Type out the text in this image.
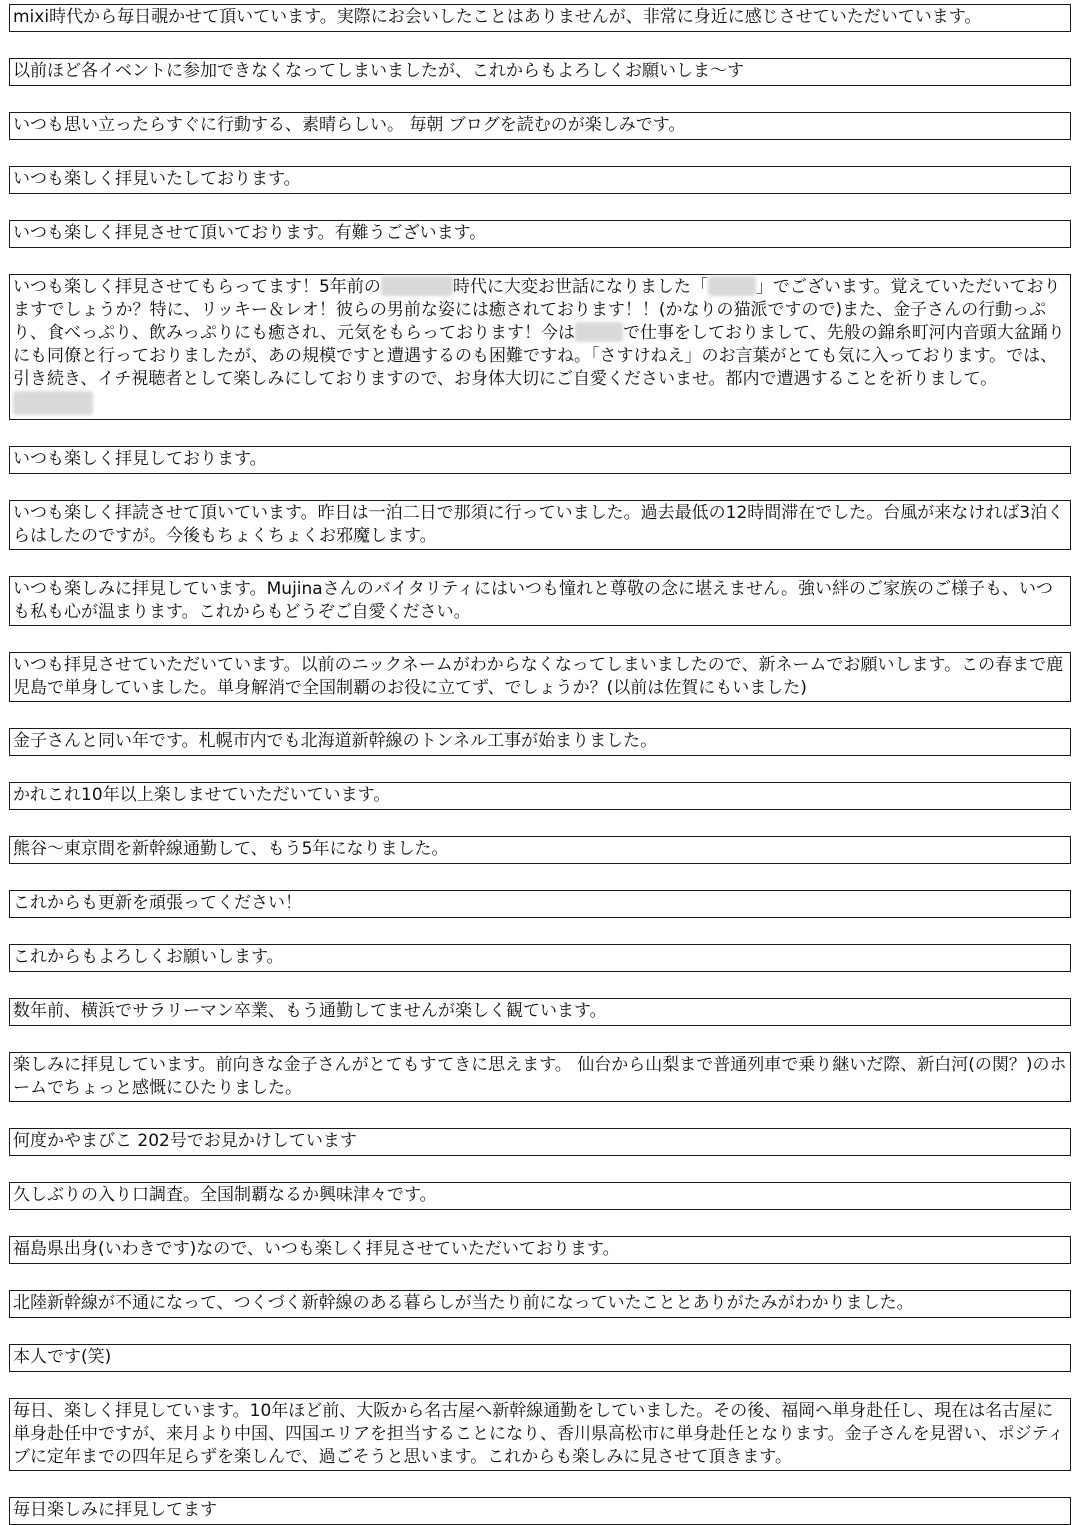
mixi時代から毎日覗かせて頂いています。実際にお会いしたことはありませんが、非常に身近に感じさせていただいています。

以前ほど各イベントに参加できなくなってしまいましたが、これからもよろしくお願いしま～す

いつも思い立ったらすぐに行動する、素晴らしい。 毎朝 ブログを読むのが楽しみです。

いつも楽しく拝見いたしております。

いつも楽しく拝見させて頂いております。有難うございます。

いつも楽しく拝見させてもらってます！5年前の	時代に大変お世話になりました「	」でございます。覚えていただいておりますでしょうか？特に、リッキー＆レオ！彼らの男前な姿には癒されております！！(かなりの猫派ですので)また、金子さんの行動っぷり、食べっぷり、飲みっぷりにも癒され、元気をもらっております！今は	で仕事をしておりまして、先般の錦糸町河内音頭大盆踊りにも同僚と行っておりましたが、あの規模ですと遭遇するのも困難ですね。「さすけねえ」のお言葉がとても気に入っております。では、引き続き、イチ視聴者として楽しみにしておりますので、お身体大切にご自愛くださいませ。都内で遭遇することを祈りまして。

いつも楽しく拝見しております。

いつも楽しく拝読させて頂いています。昨日は一泊二日で那須に行っていました。過去最低の12時間滞在でした。台風が来なければ3泊くらはしたのですが。今後もちょくちょくお邪魔します。

いつも楽しみに拝見しています。Mujinaさんのバイタリティにはいつも憧れと尊敬の念に堪えません。強い絆のご家族のご様子も、いつも私も心が温まります。これからもどうぞご自愛ください。

いつも拝見させていただいています。以前のニックネームがわからなくなってしまいましたので、新ネームでお願いします。この春まで鹿児島で単身していました。単身解消で全国制覇のお役に立てず、でしょうか？(以前は佐賀にもいました)

金子さんと同い年です。札幌市内でも北海道新幹線のトンネル工事が始まりました。

かれこれ10年以上楽しませていただいています。

熊谷～東京間を新幹線通勤して、もう5年になりました。

これからも更新を頑張ってください！

これからもよろしくお願いします。

数年前、横浜でサラリーマン卒業、もう通勤してませんが楽しく観ています。

楽しみに拝見しています。前向きな金子さんがとてもすてきに思えます。 仙台から山梨まで普通列車で乗り継いだ際、新白河(の関？)のホームでちょっと感慨にひたりました。

何度かやまびこ 202号でお見かけしています

久しぶりの入り口調査。全国制覇なるか興味津々です。

福島県出身(いわきです)なので、いつも楽しく拝見させていただいております。

北陸新幹線が不通になって、つくづく新幹線のある暮らしが当たり前になっていたこととありがたみがわかりました。

本人です(笑)

毎日、楽しく拝見しています。10年ほど前、大阪から名古屋へ新幹線通勤をしていました。その後、福岡へ単身赴任し、現在は名古屋に単身赴任中ですが、来月より中国、四国エリアを担当することになり、香川県高松市に単身赴任となります。金子さんを見習い、ポジティブに定年までの四年足らずを楽しんで、過ごそうと思います。これからも楽しみに見させて頂きます。

毎日楽しみに拝見してます
